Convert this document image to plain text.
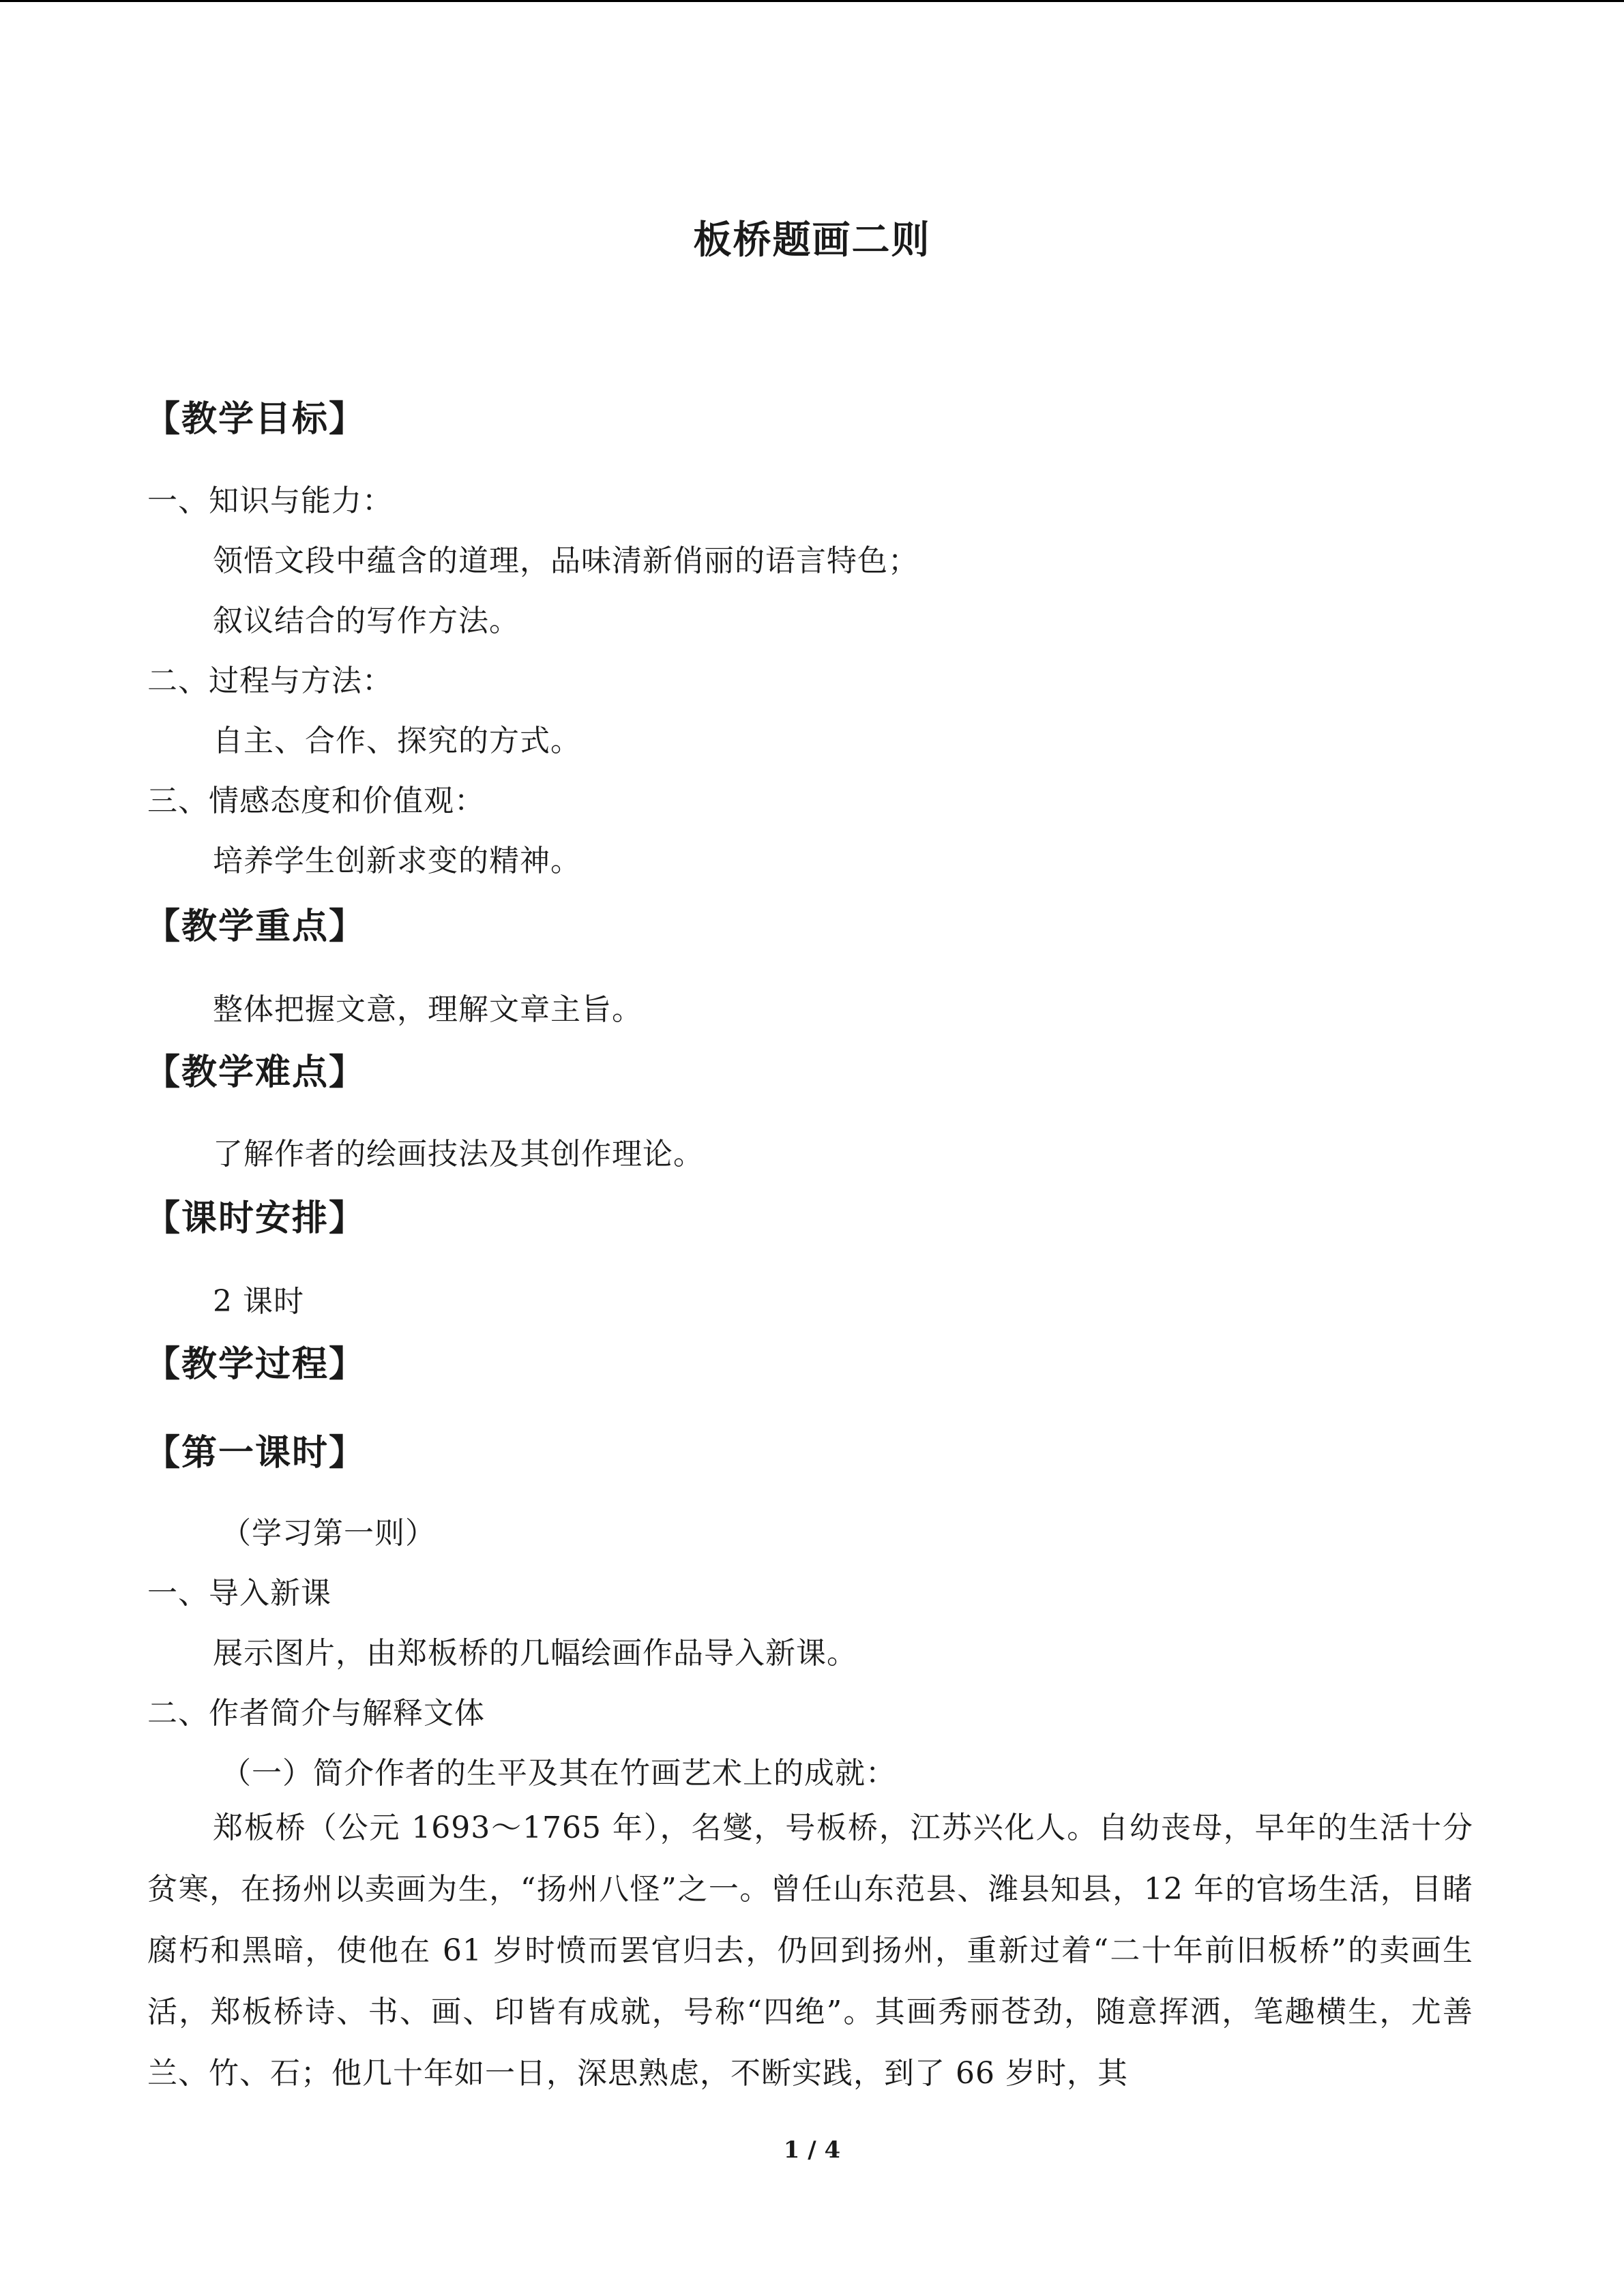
板桥题画二则
【教学目标】
一、知识与能力：
领悟文段中蕴含的道理，品味清新俏丽的语言特色；
叙议结合的写作方法。
二、过程与方法：
自主、合作、探究的方式。
三、情感态度和价值观：
培养学生创新求变的精神。
【教学重点】
整体把握文意，理解文章主旨。
【教学难点】
了解作者的绘画技法及其创作理论。
【课时安排】
2 课时
【教学过程】
【第一课时】
（学习第一则）
一、导入新课
展示图片，由郑板桥的几幅绘画作品导入新课。
二、作者简介与解释文体
（一）简介作者的生平及其在竹画艺术上的成就：
郑板桥（公元 1693～1765 年），名燮，号板桥，江苏兴化人。自幼丧母，早年的生活十分贫寒，在扬州以卖画为生，“扬州八怪”之一。曾任山东范县、潍县知县，12 年的官场生活，目睹腐朽和黑暗，使他在 61 岁时愤而罢官归去，仍回到扬州，重新过着“二十年前旧板桥”的卖画生活，郑板桥诗、书、画、印皆有成就，号称“四绝”。其画秀丽苍劲，随意挥洒，笔趣横生，尤善兰、竹、石；他几十年如一日，深思熟虑，不断实践，到了 66 岁时，其
1 / 4
